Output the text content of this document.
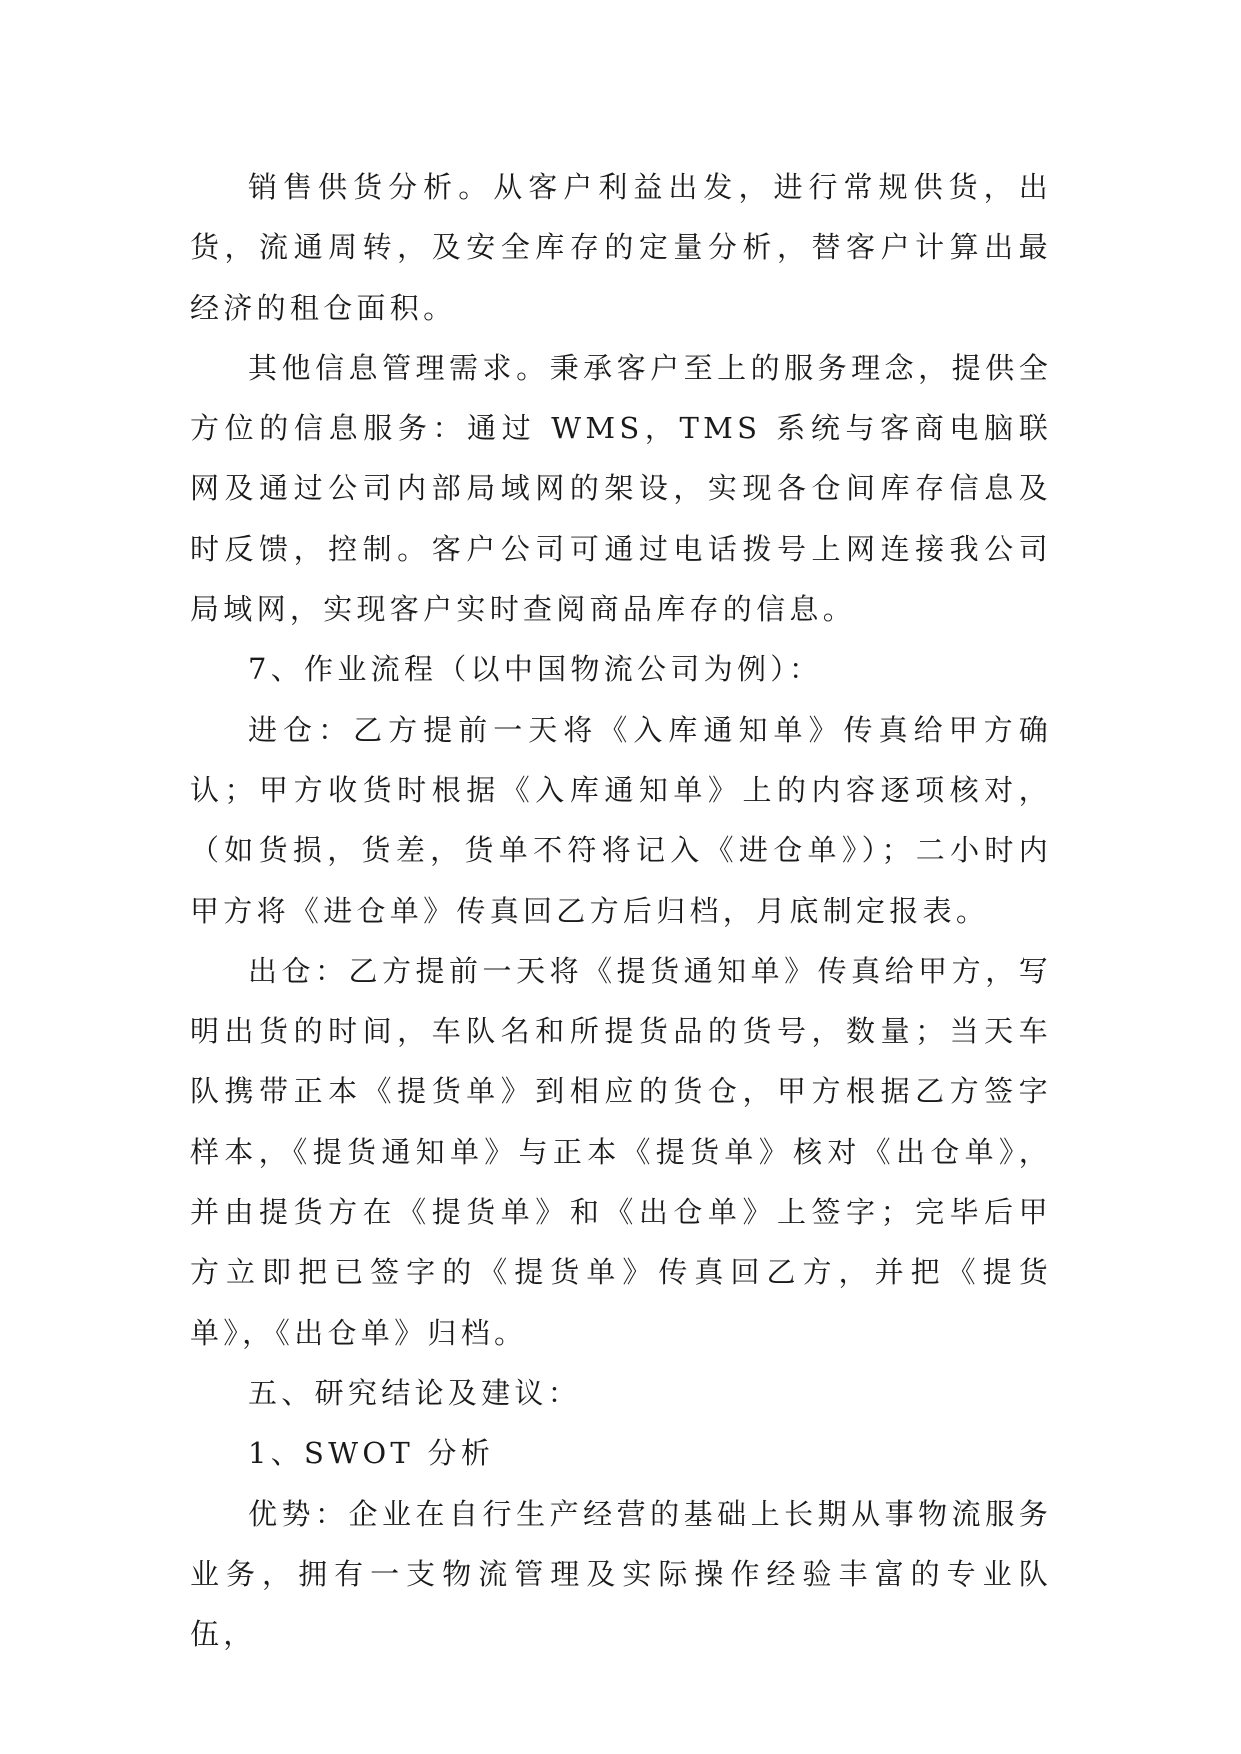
销售供货分析。从客户利益出发，进行常规供货，出货，流通周转，及安全库存的定量分析，替客户计算出最经济的租仓面积。

其他信息管理需求。秉承客户至上的服务理念，提供全方位的信息服务：通过 WMS，TMS 系统与客商电脑联网及通过公司内部局域网的架设，实现各仓间库存信息及时反馈，控制。客户公司可通过电话拨号上网连接我公司局域网，实现客户实时查阅商品库存的信息。

7、作业流程（以中国物流公司为例）：

进仓：乙方提前一天将《入库通知单》传真给甲方确认；甲方收货时根据《入库通知单》上的内容逐项核对，（如货损，货差，货单不符将记入《进仓单》）；二小时内甲方将《进仓单》传真回乙方后归档，月底制定报表。

出仓：乙方提前一天将《提货通知单》传真给甲方，写明出货的时间，车队名和所提货品的货号，数量；当天车队携带正本《提货单》到相应的货仓，甲方根据乙方签字样本，《提货通知单》与正本《提货单》核对《出仓单》，并由提货方在《提货单》和《出仓单》上签字；完毕后甲方立即把已签字的《提货单》传真回乙方，并把《提货单》，《出仓单》归档。

五、研究结论及建议：

1、SWOT 分析

优势：企业在自行生产经营的基础上长期从事物流服务业务，拥有一支物流管理及实际操作经验丰富的专业队伍，
